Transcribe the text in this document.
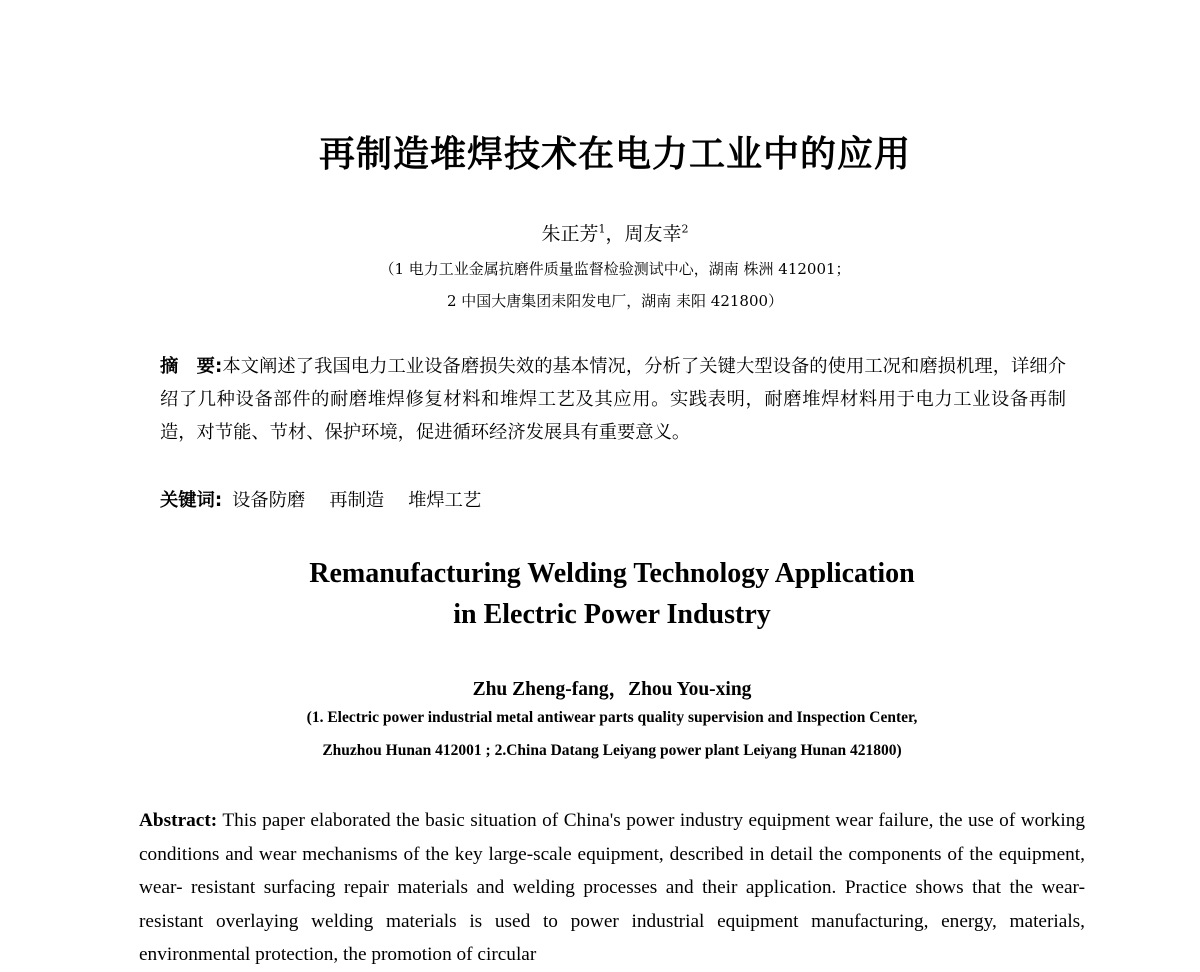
再制造堆焊技术在电力工业中的应用
朱正芳$^1$，周友幸$^2$
（1 电力工业金属抗磨件质量监督检验测试中心，湖南 株洲 412001；
2 中国大唐集团耒阳发电厂，湖南 耒阳 421800）
摘　要:本文阐述了我国电力工业设备磨损失效的基本情况，分析了关键大型设备的使用工况和磨损机理，详细介绍了几种设备部件的耐磨堆焊修复材料和堆焊工艺及其应用。实践表明，耐磨堆焊材料用于电力工业设备再制造，对节能、节材、保护环境，促进循环经济发展具有重要意义。
关键词: 设备防磨 再制造 堆焊工艺
Remanufacturing Welding Technology Application
in Electric Power Industry
Zhu Zheng-fang，Zhou You-xing
(1. Electric power industrial metal antiwear parts quality supervision and Inspection Center,
Zhuzhou Hunan 412001 ; 2.China Datang Leiyang power plant Leiyang Hunan 421800)
Abstract: This paper elaborated the basic situation of China's power industry equipment wear failure, the use of working conditions and wear mechanisms of the key large-scale equipment, described in detail the components of the equipment, wear- resistant surfacing repair materials and welding processes and their application. Practice shows that the wear-resistant overlaying welding materials is used to power industrial equipment manufacturing, energy, materials, environmental protection, the promotion of circular
